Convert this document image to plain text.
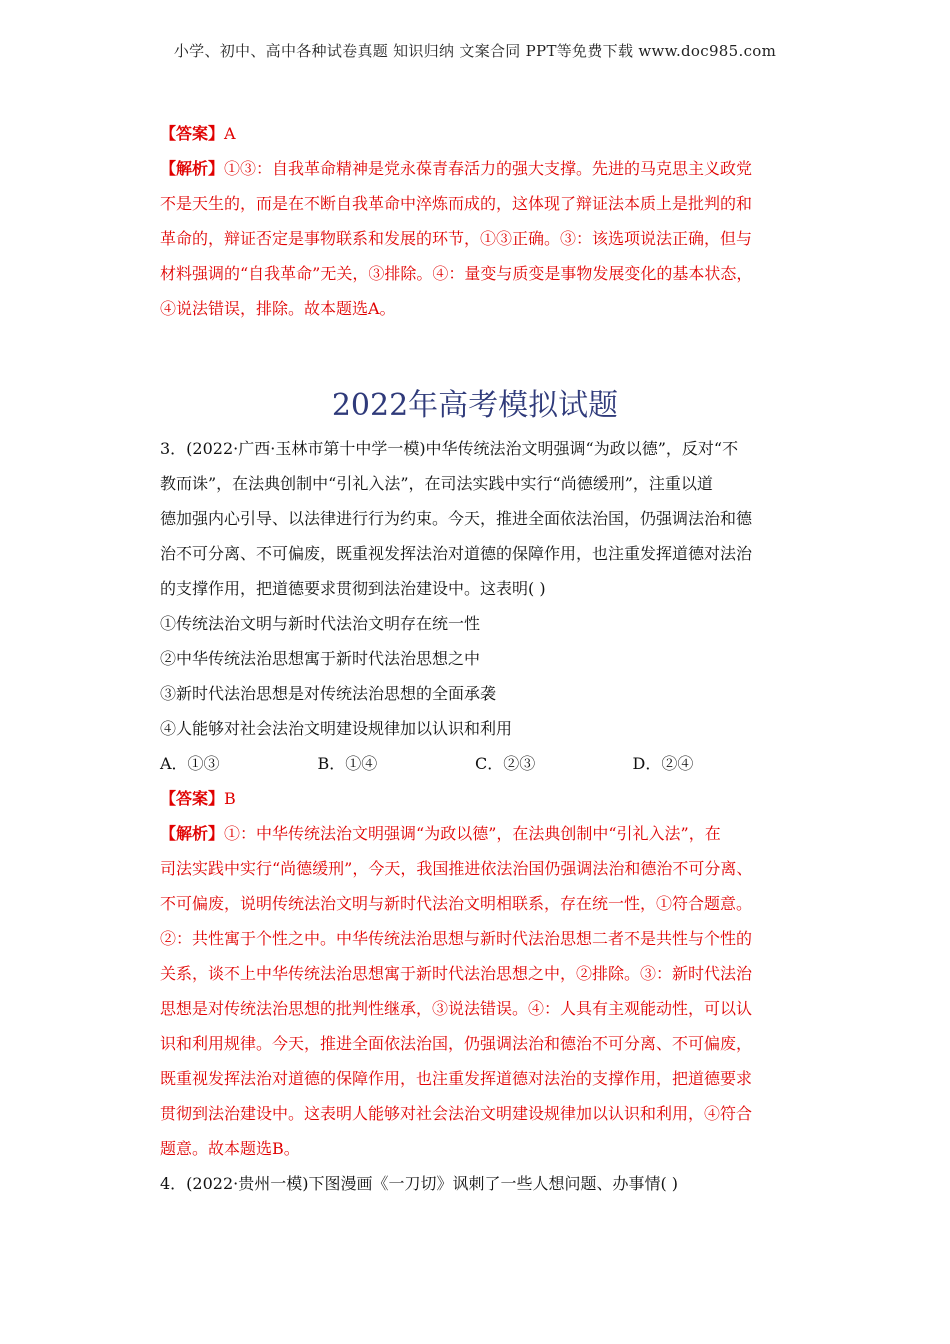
小学、初中、高中各种试卷真题 知识归纳 文案合同 PPT等免费下载 www.doc985.com
【答案】A
【解析】①③：自我革命精神是党永葆青春活力的强大支撑。先进的马克思主义政党
不是天生的，而是在不断自我革命中淬炼而成的，这体现了辩证法本质上是批判的和
革命的，辩证否定是事物联系和发展的环节，①③正确。③：该选项说法正确，但与
材料强调的“自我革命”无关，③排除。④：量变与质变是事物发展变化的基本状态，
④说法错误，排除。故本题选A。
2022年高考模拟试题
3．(2022·广西·玉林市第十中学一模)中华传统法治文明强调“为政以德”，反对“不
教而诛”，在法典创制中“引礼入法”，在司法实践中实行“尚德缓刑”，注重以道
德加强内心引导、以法律进行行为约束。今天，推进全面依法治国，仍强调法治和德
治不可分离、不可偏废，既重视发挥法治对道德的保障作用，也注重发挥道德对法治
的支撑作用，把道德要求贯彻到法治建设中。这表明( )
①传统法治文明与新时代法治文明存在统一性
②中华传统法治思想寓于新时代法治思想之中
③新时代法治思想是对传统法治思想的全面承袭
④人能够对社会法治文明建设规律加以认识和利用
A．①③	B．①④	C．②③	D．②④
【答案】B
【解析】①：中华传统法治文明强调“为政以德”，在法典创制中“引礼入法”，在
司法实践中实行“尚德缓刑”，今天，我国推进依法治国仍强调法治和德治不可分离、
不可偏废，说明传统法治文明与新时代法治文明相联系，存在统一性，①符合题意。
②：共性寓于个性之中。中华传统法治思想与新时代法治思想二者不是共性与个性的
关系，谈不上中华传统法治思想寓于新时代法治思想之中，②排除。③：新时代法治
思想是对传统法治思想的批判性继承，③说法错误。④：人具有主观能动性，可以认
识和利用规律。今天，推进全面依法治国，仍强调法治和德治不可分离、不可偏废，
既重视发挥法治对道德的保障作用，也注重发挥道德对法治的支撑作用，把道德要求
贯彻到法治建设中。这表明人能够对社会法治文明建设规律加以认识和利用，④符合
题意。故本题选B。
4．(2022·贵州一模)下图漫画《一刀切》讽刺了一些人想问题、办事情( )
